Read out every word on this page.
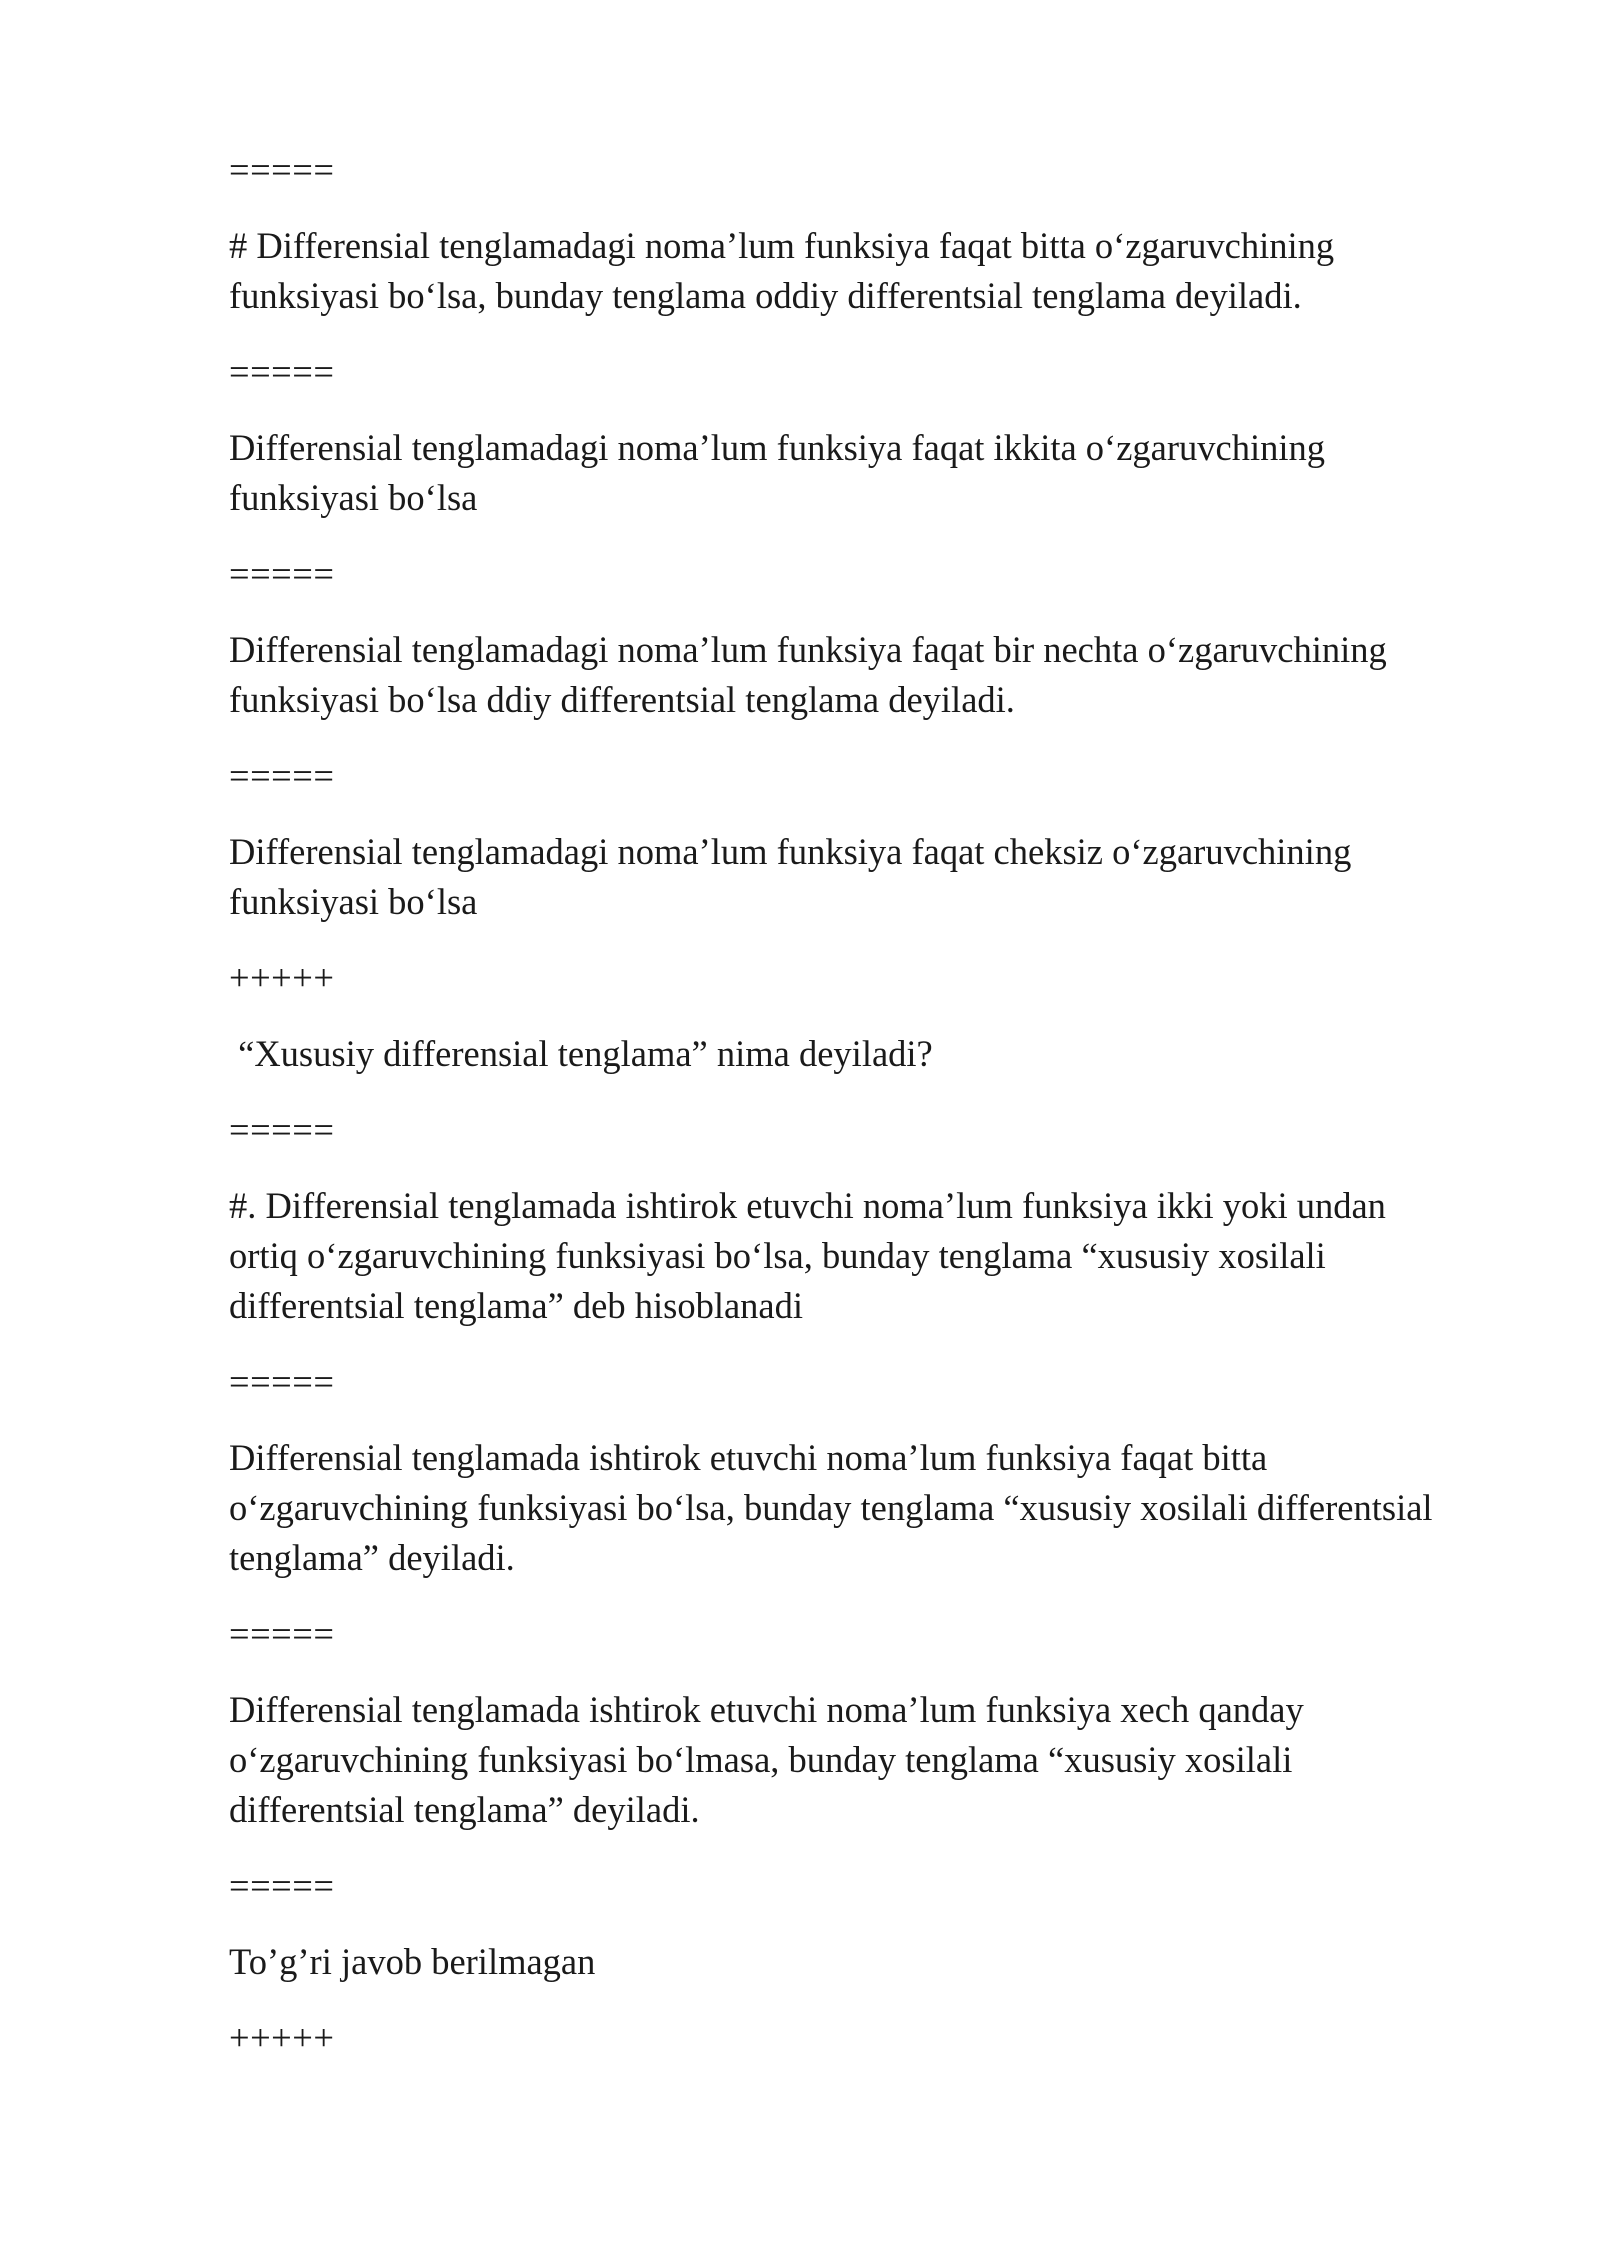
=====
# Differensial tenglamadagi noma’lum funksiya faqat bitta o‘zgaruvchining
funksiyasi bo‘lsa, bunday tenglama oddiy differentsial tenglama deyiladi.
=====
Differensial tenglamadagi noma’lum funksiya faqat ikkita o‘zgaruvchining
funksiyasi bo‘lsa
=====
Differensial tenglamadagi noma’lum funksiya faqat bir nechta o‘zgaruvchining
funksiyasi bo‘lsa ddiy differentsial tenglama deyiladi.
=====
Differensial tenglamadagi noma’lum funksiya faqat cheksiz o‘zgaruvchining
funksiyasi bo‘lsa
+++++
“Xususiy differensial tenglama” nima deyiladi?
=====
#. Differensial tenglamada ishtirok etuvchi noma’lum funksiya ikki yoki undan
ortiq o‘zgaruvchining funksiyasi bo‘lsa, bunday tenglama “xususiy xosilali
differentsial tenglama” deb hisoblanadi
=====
Differensial tenglamada ishtirok etuvchi noma’lum funksiya faqat bitta
o‘zgaruvchining funksiyasi bo‘lsa, bunday tenglama “xususiy xosilali differentsial
tenglama” deyiladi.
=====
Differensial tenglamada ishtirok etuvchi noma’lum funksiya xech qanday
o‘zgaruvchining funksiyasi bo‘lmasa, bunday tenglama “xususiy xosilali
differentsial tenglama” deyiladi.
=====
To’g’ri javob berilmagan
+++++
